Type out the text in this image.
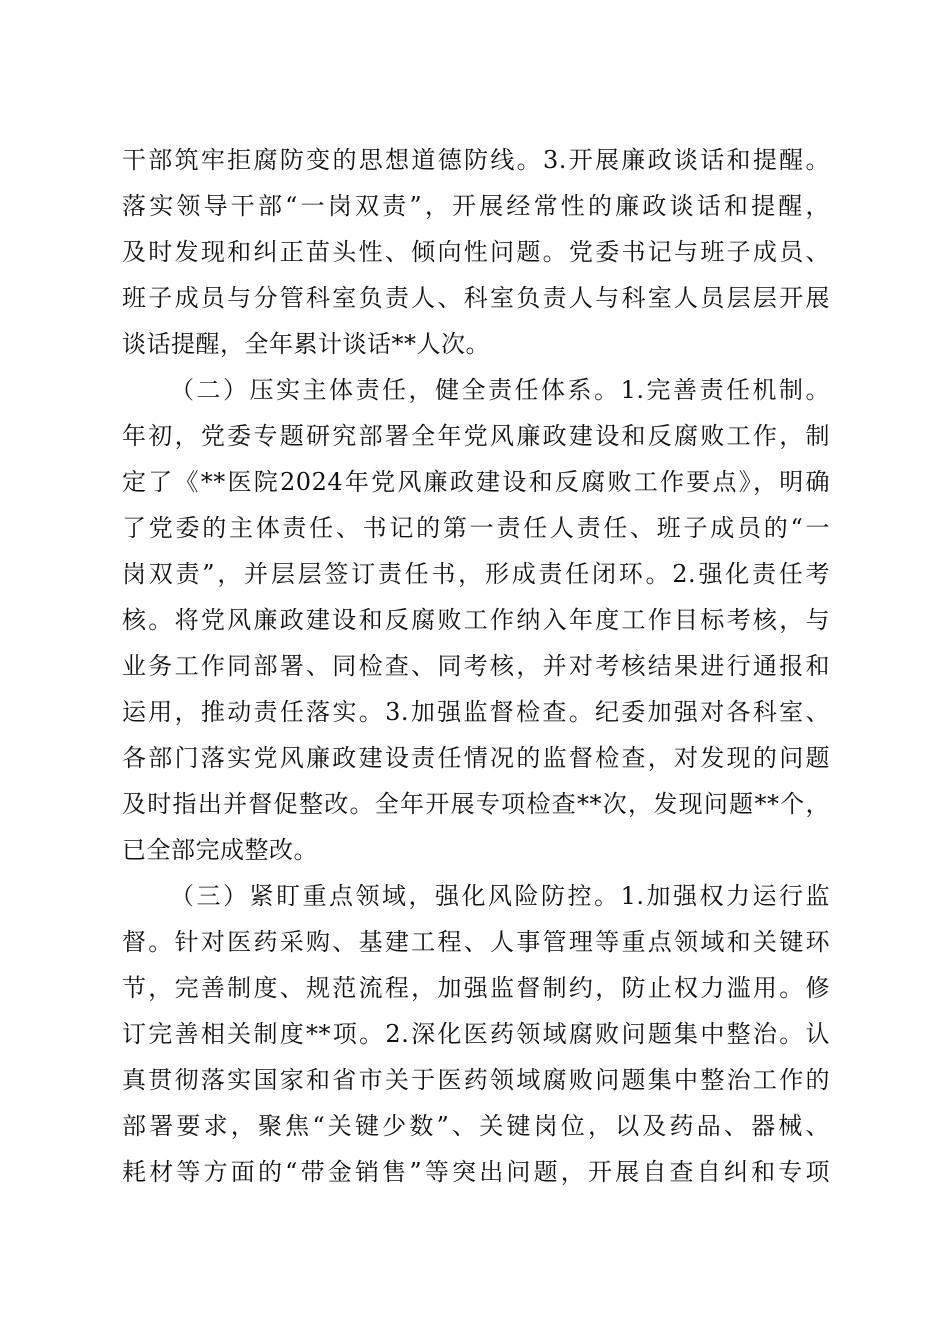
干部筑牢拒腐防变的思想道德防线。3.开展廉政谈话和提醒。
落实领导干部“一岗双责”，开展经常性的廉政谈话和提醒，
及时发现和纠正苗头性、倾向性问题。党委书记与班子成员、
班子成员与分管科室负责人、科室负责人与科室人员层层开展
谈话提醒，全年累计谈话**人次。
（二）压实主体责任，健全责任体系。1.完善责任机制。
年初，党委专题研究部署全年党风廉政建设和反腐败工作，制
定了《**医院2024年党风廉政建设和反腐败工作要点》，明确
了党委的主体责任、书记的第一责任人责任、班子成员的“一
岗双责”，并层层签订责任书，形成责任闭环。2.强化责任考
核。将党风廉政建设和反腐败工作纳入年度工作目标考核，与
业务工作同部署、同检查、同考核，并对考核结果进行通报和
运用，推动责任落实。3.加强监督检查。纪委加强对各科室、
各部门落实党风廉政建设责任情况的监督检查，对发现的问题
及时指出并督促整改。全年开展专项检查**次，发现问题**个，
已全部完成整改。
（三）紧盯重点领域，强化风险防控。1.加强权力运行监
督。针对医药采购、基建工程、人事管理等重点领域和关键环
节，完善制度、规范流程，加强监督制约，防止权力滥用。修
订完善相关制度**项。2.深化医药领域腐败问题集中整治。认
真贯彻落实国家和省市关于医药领域腐败问题集中整治工作的
部署要求，聚焦“关键少数”、关键岗位，以及药品、器械、
耗材等方面的“带金销售”等突出问题，开展自查自纠和专项
